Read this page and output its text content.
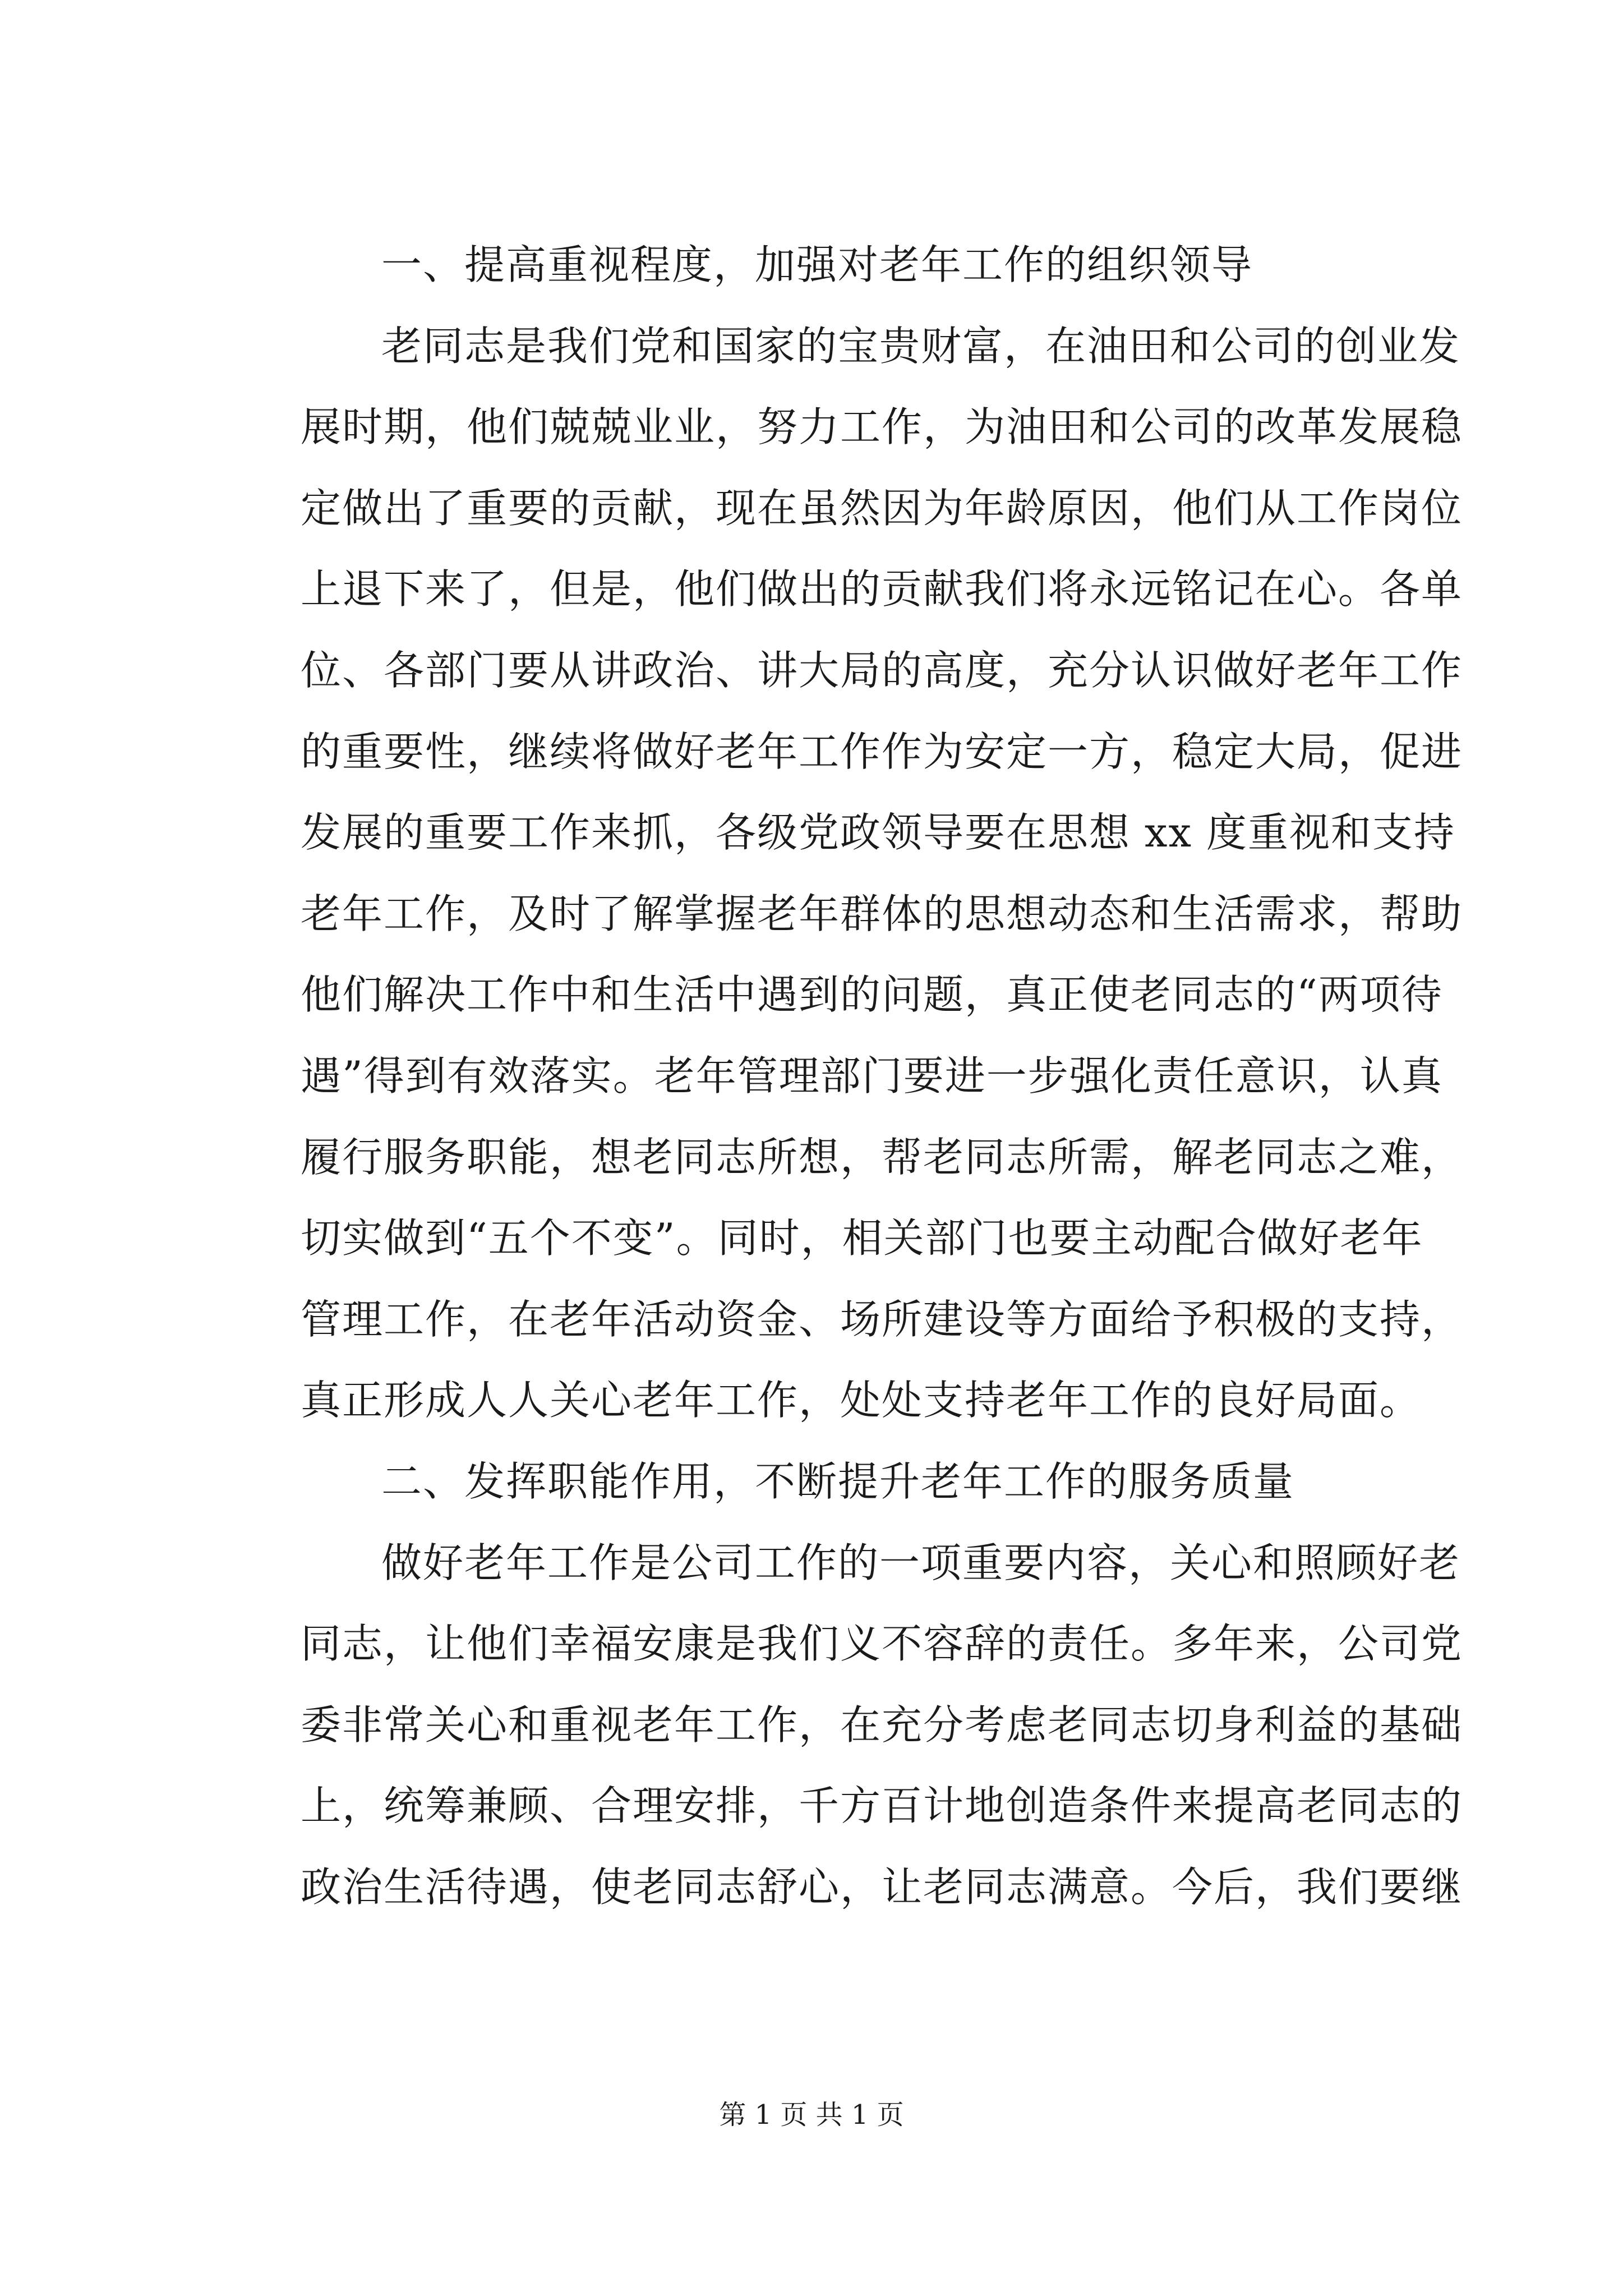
一、提高重视程度，加强对老年工作的组织领导
老同志是我们党和国家的宝贵财富，在油田和公司的创业发
展时期，他们兢兢业业，努力工作，为油田和公司的改革发展稳
定做出了重要的贡献，现在虽然因为年龄原因，他们从工作岗位
上退下来了，但是，他们做出的贡献我们将永远铭记在心。各单
位、各部门要从讲政治、讲大局的高度，充分认识做好老年工作
的重要性，继续将做好老年工作作为安定一方，稳定大局，促进
发展的重要工作来抓，各级党政领导要在思想 xx 度重视和支持
老年工作，及时了解掌握老年群体的思想动态和生活需求，帮助
他们解决工作中和生活中遇到的问题，真正使老同志的“两项待
遇”得到有效落实。老年管理部门要进一步强化责任意识，认真
履行服务职能，想老同志所想，帮老同志所需，解老同志之难，
切实做到“五个不变”。同时，相关部门也要主动配合做好老年
管理工作，在老年活动资金、场所建设等方面给予积极的支持，
真正形成人人关心老年工作，处处支持老年工作的良好局面。
二、发挥职能作用，不断提升老年工作的服务质量
做好老年工作是公司工作的一项重要内容，关心和照顾好老
同志，让他们幸福安康是我们义不容辞的责任。多年来，公司党
委非常关心和重视老年工作，在充分考虑老同志切身利益的基础
上，统筹兼顾、合理安排，千方百计地创造条件来提高老同志的
政治生活待遇，使老同志舒心，让老同志满意。今后，我们要继
第 1 页 共 1 页
